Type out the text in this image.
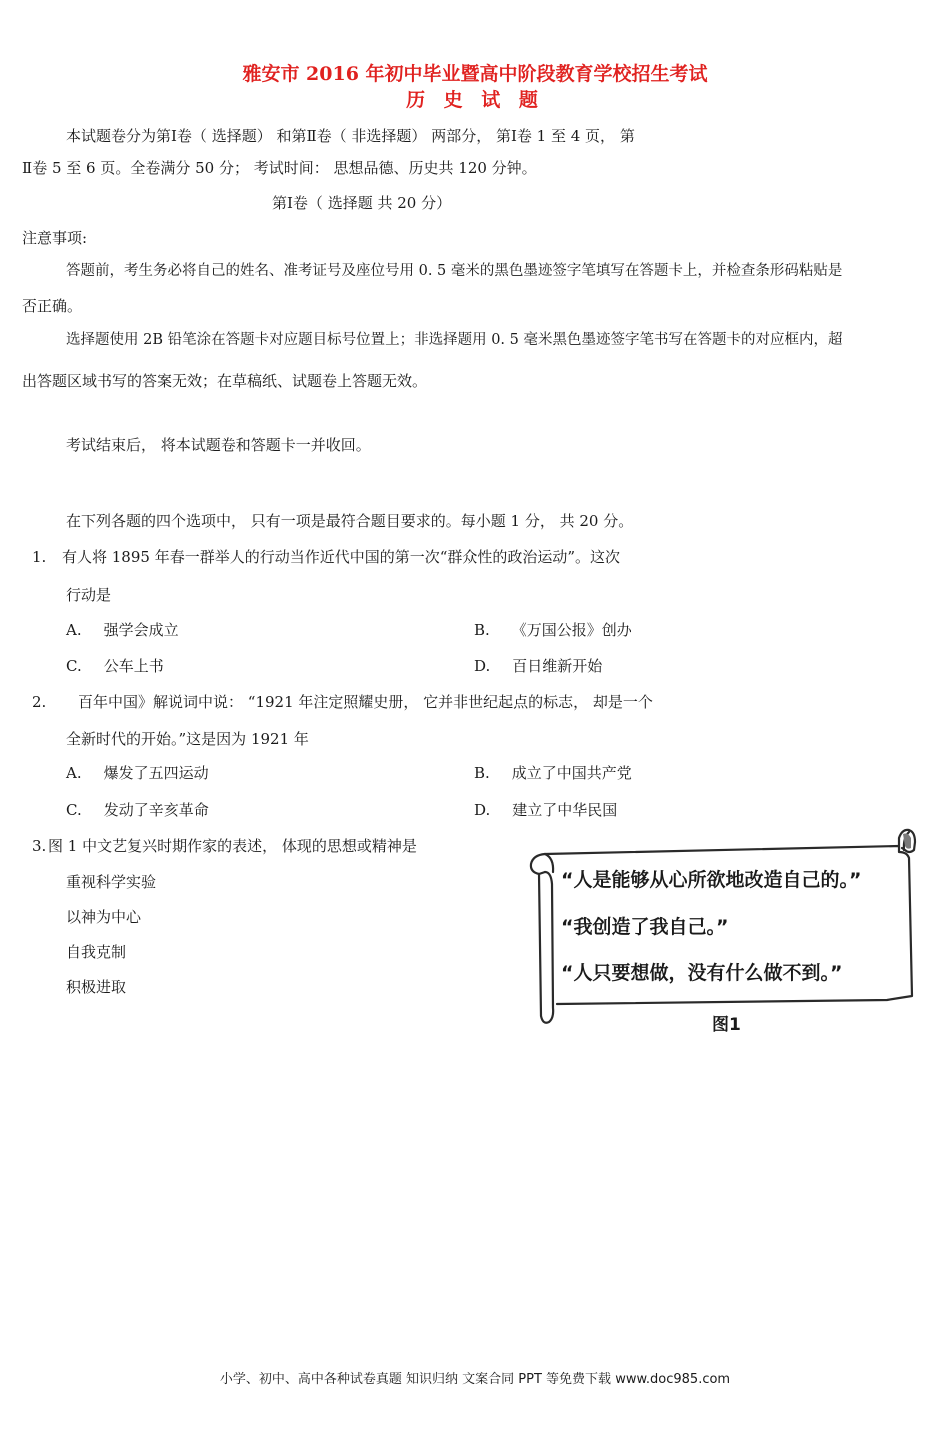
雅安市 2016 年初中毕业暨高中阶段教育学校招生考试
历 史 试 题
本试题卷分为第Ⅰ卷（ 选择题） 和第Ⅱ卷（ 非选择题） 两部分， 第Ⅰ卷 1 至 4 页， 第
Ⅱ卷 5 至 6 页。全卷满分 50 分； 考试时间： 思想品德、历史共 120 分钟。
第Ⅰ卷（ 选择题 共 20 分）
注意事项:
答题前，考生务必将自己的姓名、准考证号及座位号用 0. 5 毫米的黑色墨迹签字笔填写在答题卡上，并检查条形码粘贴是
否正确。
选择题使用 2B 铅笔涂在答题卡对应题目标号位置上；非选择题用 0. 5 毫米黑色墨迹签字笔书写在答题卡的对应框内，超
出答题区域书写的答案无效；在草稿纸、试题卷上答题无效。
考试结束后， 将本试题卷和答题卡一并收回。
在下列各题的四个选项中， 只有一项是最符合题目要求的。每小题 1 分， 共 20 分。
1. 有人将 1895 年春一群举人的行动当作近代中国的第一次“群众性的政治运动”。这次
行动是
A. 强学会成立	B. 《万国公报》创办
C. 公车上书	D. 百日维新开始
2. 百年中国》解说词中说： “1921 年注定照耀史册， 它并非世纪起点的标志， 却是一个
全新时代的开始。”这是因为 1921 年
A. 爆发了五四运动	B. 成立了中国共产党
C. 发动了辛亥革命	D. 建立了中华民国
3. 图 1 中文艺复兴时期作家的表述， 体现的思想或精神是
重视科学实验
以神为中心
自我克制
积极进取
“人是能够从心所欲地改造自己的。”
“我创造了我自己。”
“人只要想做，没有什么做不到。”
图1
小学、初中、高中各种试卷真题 知识归纳 文案合同 PPT 等免费下载 www.doc985.com
